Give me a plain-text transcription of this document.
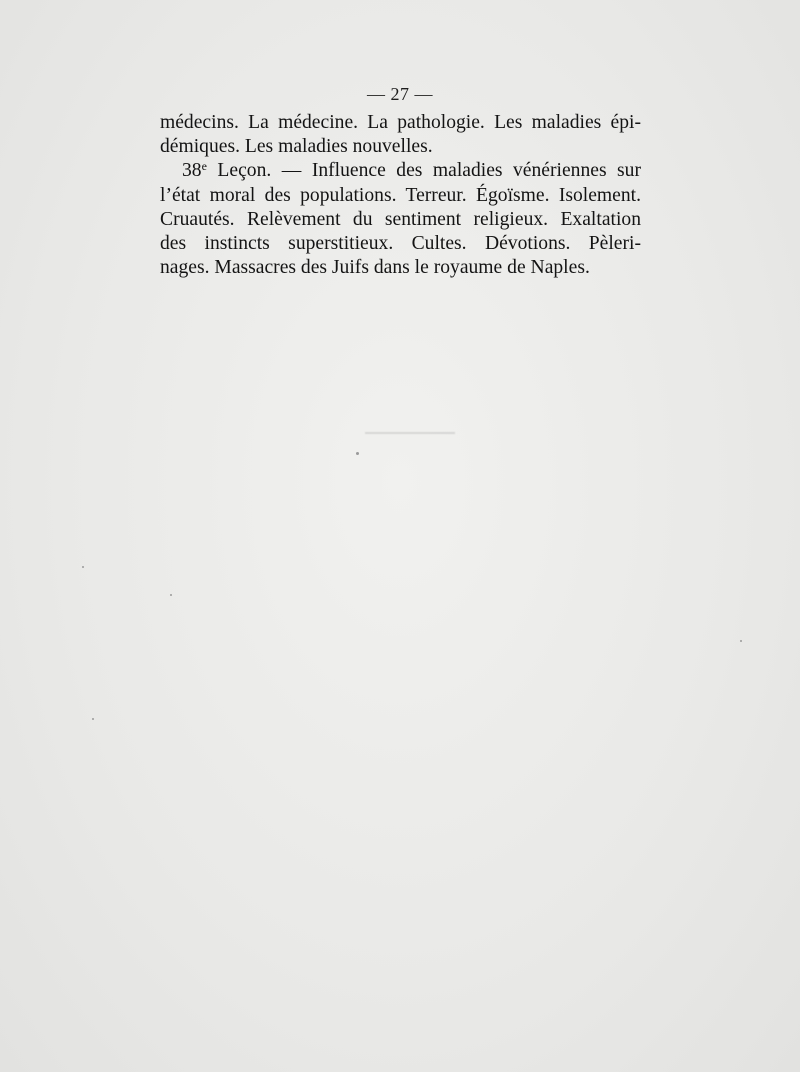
— 27 —
médecins. La médecine. La pathologie. Les maladies épi-
démiques. Les maladies nouvelles.
38e Leçon. — Influence des maladies vénériennes sur
l’état moral des populations. Terreur. Égoïsme. Isolement.
Cruautés. Relèvement du sentiment religieux. Exaltation
des instincts superstitieux. Cultes. Dévotions. Pèleri-
nages. Massacres des Juifs dans le royaume de Naples.
